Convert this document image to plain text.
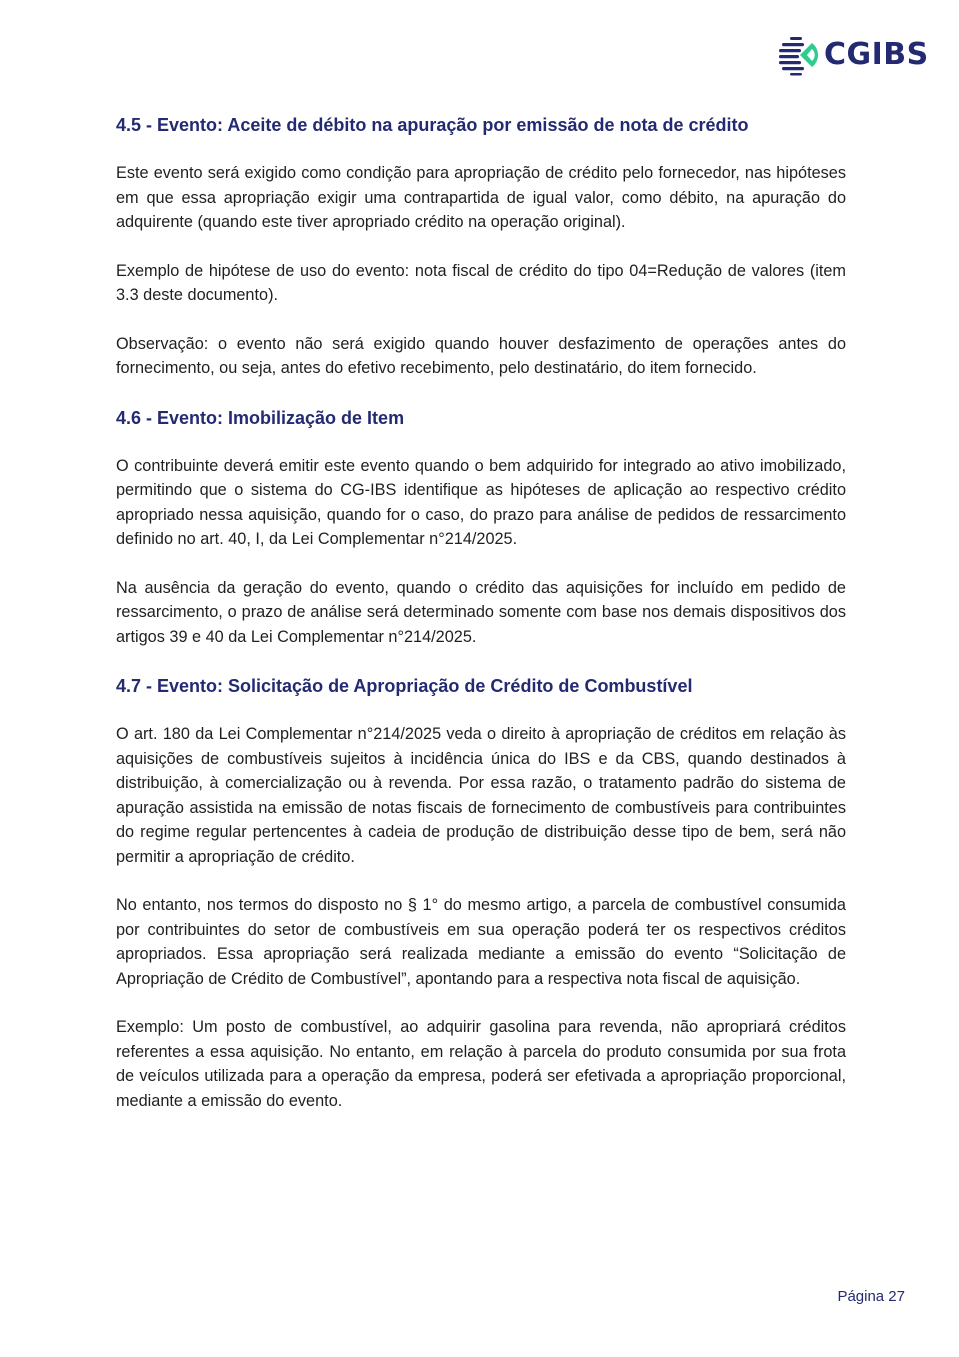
CGIBS
4.5 - Evento: Aceite de débito na apuração por emissão de nota de crédito

Este evento será exigido como condição para apropriação de crédito pelo fornecedor, nas hipóteses em que essa apropriação exigir uma contrapartida de igual valor, como débito, na apuração do adquirente (quando este tiver apropriado crédito na operação original).

Exemplo de hipótese de uso do evento: nota fiscal de crédito do tipo 04=Redução de valores (item 3.3 deste documento).

Observação: o evento não será exigido quando houver desfazimento de operações antes do fornecimento, ou seja, antes do efetivo recebimento, pelo destinatário, do item fornecido.

4.6 - Evento: Imobilização de Item

O contribuinte deverá emitir este evento quando o bem adquirido for integrado ao ativo imobilizado, permitindo que o sistema do CG-IBS identifique as hipóteses de aplicação ao respectivo crédito apropriado nessa aquisição, quando for o caso, do prazo para análise de pedidos de ressarcimento definido no art. 40, I, da Lei Complementar n°214/2025.

Na ausência da geração do evento, quando o crédito das aquisições for incluído em pedido de ressarcimento, o prazo de análise será determinado somente com base nos demais dispositivos dos artigos 39 e 40 da Lei Complementar n°214/2025.

4.7 - Evento: Solicitação de Apropriação de Crédito de Combustível

O art. 180 da Lei Complementar n°214/2025 veda o direito à apropriação de créditos em relação às aquisições de combustíveis sujeitos à incidência única do IBS e da CBS, quando destinados à distribuição, à comercialização ou à revenda. Por essa razão, o tratamento padrão do sistema de apuração assistida na emissão de notas fiscais de fornecimento de combustíveis para contribuintes do regime regular pertencentes à cadeia de produção de distribuição desse tipo de bem, será não permitir a apropriação de crédito.

No entanto, nos termos do disposto no § 1° do mesmo artigo, a parcela de combustível consumida por contribuintes do setor de combustíveis em sua operação poderá ter os respectivos créditos apropriados. Essa apropriação será realizada mediante a emissão do evento “Solicitação de Apropriação de Crédito de Combustível”, apontando para a respectiva nota fiscal de aquisição.

Exemplo: Um posto de combustível, ao adquirir gasolina para revenda, não apropriará créditos referentes a essa aquisição. No entanto, em relação à parcela do produto consumida por sua frota de veículos utilizada para a operação da empresa, poderá ser efetivada a apropriação proporcional, mediante a emissão do evento.

Página 27
